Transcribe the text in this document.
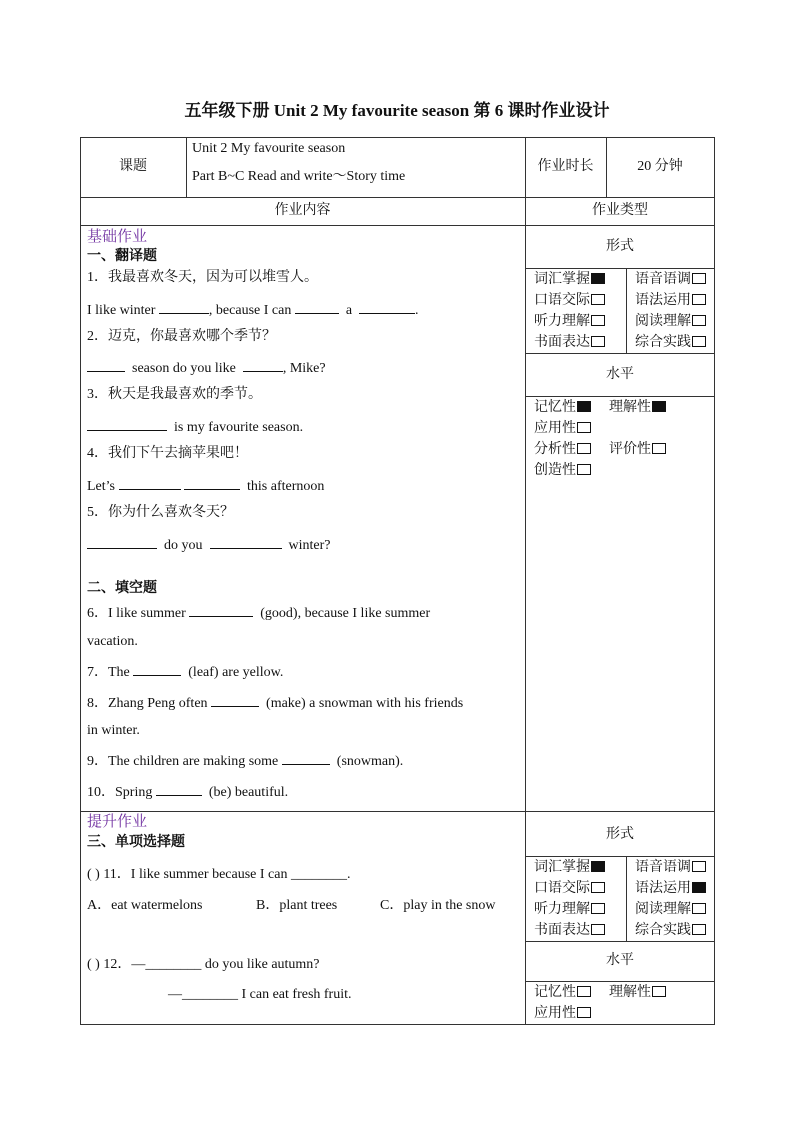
五年级下册 Unit 2 My favourite season 第 6 课时作业设计
课题
Unit 2 My favourite season
Part B~C Read and write～Story time
作业时长	20 分钟
作业内容	作业类型
基础作业
一、翻译题
1．我最喜欢冬天，因为可以堆雪人。
I like winter	, because I can	a	.
2．迈克，你最喜欢哪个季节？
season do you like	, Mike?
3．秋天是我最喜欢的季节。
is my favourite season.
4．我们下午去摘苹果吧！
Let’s	this afternoon
5．你为什么喜欢冬天？
do you	winter?
二、填空题
6．I like summer	(good), because I like summer
vacation.
7．The	(leaf) are yellow.
8．Zhang Peng often	(make) a snowman with his friends
in winter.
9．The children are making some	(snowman).
10．Spring	(be) beautiful.
提升作业
三、单项选择题
( ) 11．I like summer because I can ________.
A．eat watermelons	B．plant trees	C．play in the snow
( ) 12．—________ do you like autumn?
—________ I can eat fresh fruit.
形式
词汇掌握	语音语调
口语交际	语法运用
听力理解	阅读理解
书面表达	综合实践
水平
记忆性	理解性
应用性
分析性	评价性
创造性
形式
词汇掌握	语音语调
口语交际	语法运用
听力理解	阅读理解
书面表达	综合实践
水平
记忆性	理解性
应用性
